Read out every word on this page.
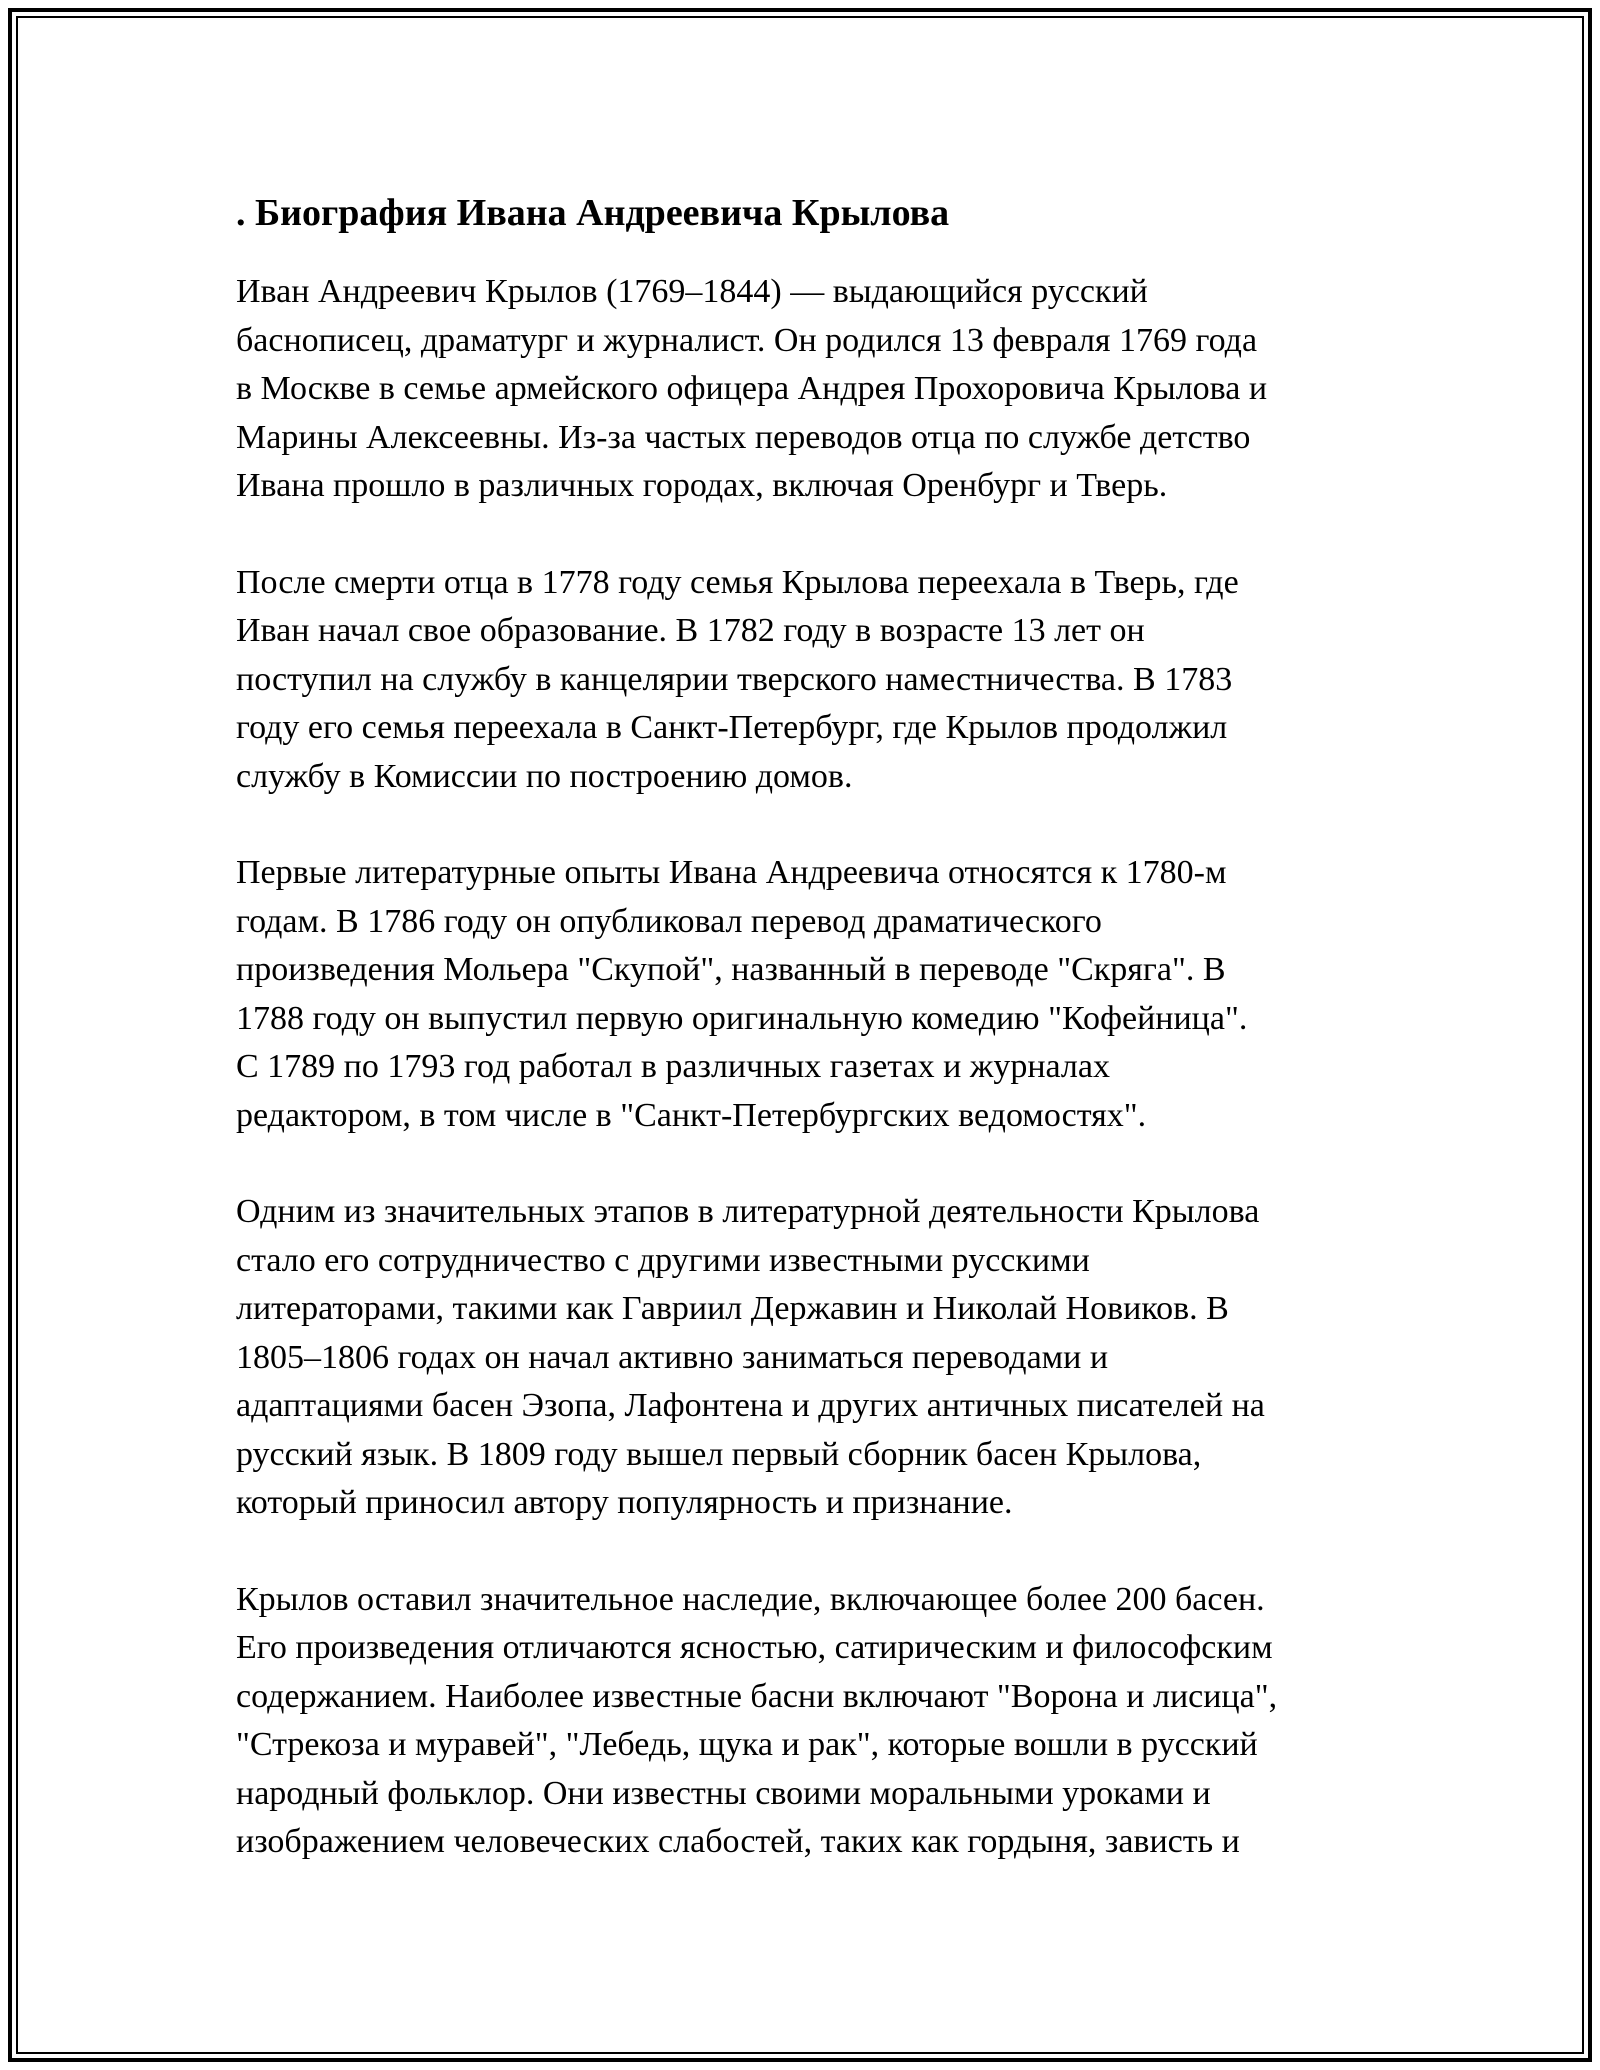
. Биография Ивана Андреевича Крылова

Иван Андреевич Крылов (1769–1844) — выдающийся русский
баснописец, драматург и журналист. Он родился 13 февраля 1769 года
в Москве в семье армейского офицера Андрея Прохоровича Крылова и
Марины Алексеевны. Из-за частых переводов отца по службе детство
Ивана прошло в различных городах, включая Оренбург и Тверь.

После смерти отца в 1778 году семья Крылова переехала в Тверь, где
Иван начал свое образование. В 1782 году в возрасте 13 лет он
поступил на службу в канцелярии тверского наместничества. В 1783
году его семья переехала в Санкт-Петербург, где Крылов продолжил
службу в Комиссии по построению домов.

Первые литературные опыты Ивана Андреевича относятся к 1780-м
годам. В 1786 году он опубликовал перевод драматического
произведения Мольера "Скупой", названный в переводе "Скряга". В
1788 году он выпустил первую оригинальную комедию "Кофейница".
С 1789 по 1793 год работал в различных газетах и журналах
редактором, в том числе в "Санкт-Петербургских ведомостях".

Одним из значительных этапов в литературной деятельности Крылова
стало его сотрудничество с другими известными русскими
литераторами, такими как Гавриил Державин и Николай Новиков. В
1805–1806 годах он начал активно заниматься переводами и
адаптациями басен Эзопа, Лафонтена и других античных писателей на
русский язык. В 1809 году вышел первый сборник басен Крылова,
который приносил автору популярность и признание.

Крылов оставил значительное наследие, включающее более 200 басен.
Его произведения отличаются ясностью, сатирическим и философским
содержанием. Наиболее известные басни включают "Ворона и лисица",
"Стрекоза и муравей", "Лебедь, щука и рак", которые вошли в русский
народный фольклор. Они известны своими моральными уроками и
изображением человеческих слабостей, таких как гордыня, зависть и
